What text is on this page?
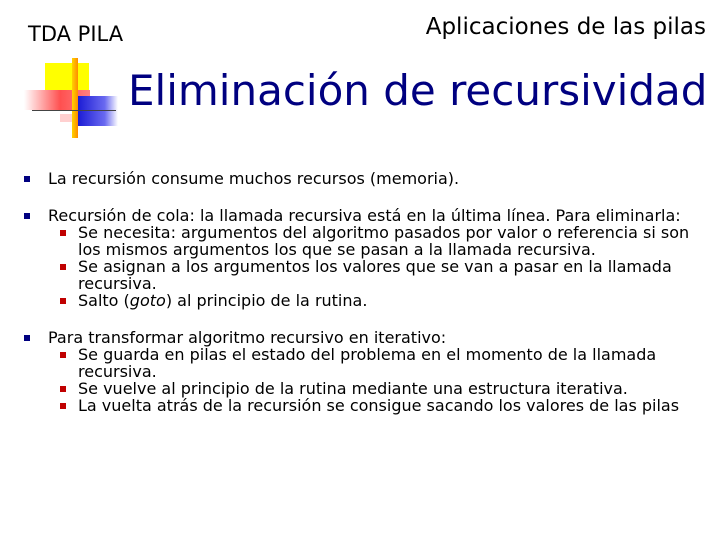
TDA PILA	Aplicaciones de las pilas
Eliminación de recursividad
La recursión consume muchos recursos (memoria).
Recursión de cola: la llamada recursiva está en la última línea. Para eliminarla:
Se necesita: argumentos del algoritmo pasados por valor o referencia si son los mismos argumentos los que se pasan a la llamada recursiva.
Se asignan a los argumentos los valores que se van a pasar en la llamada recursiva.
Salto (goto) al principio de la rutina.
Para transformar algoritmo recursivo en iterativo:
Se guarda en pilas el estado del problema en el momento de la llamada recursiva.
Se vuelve al principio de la rutina mediante una estructura iterativa.
La vuelta atrás de la recursión se consigue sacando los valores de las pilas
